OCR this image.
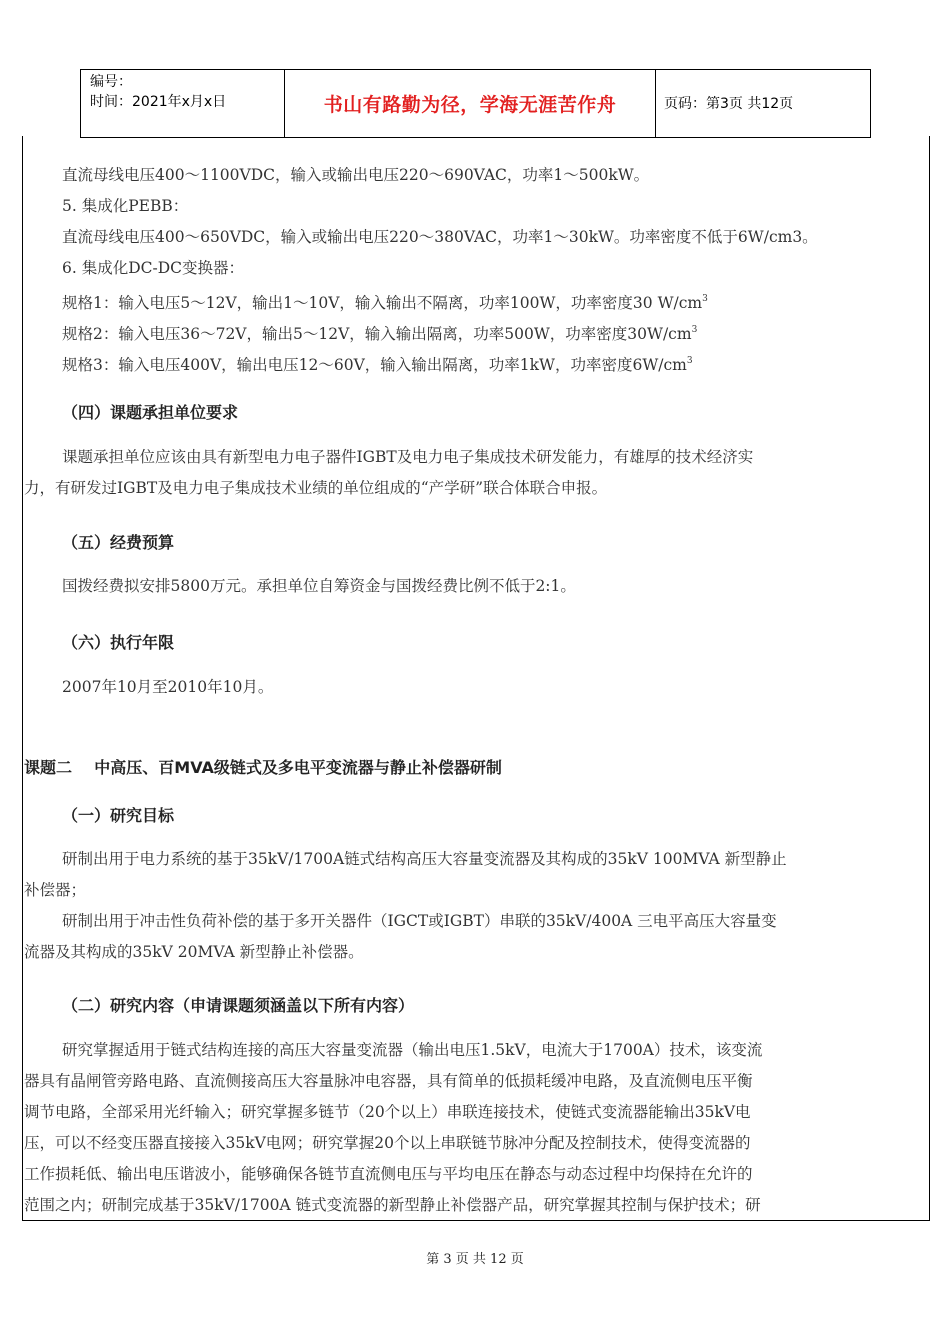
编号：
时间：2021年x月x日	书山有路勤为径，学海无涯苦作舟	页码：第3页 共12页
直流母线电压400～1100VDC，输入或输出电压220～690VAC，功率1～500kW。
5. 集成化PEBB：
直流母线电压400～650VDC，输入或输出电压220～380VAC，功率1～30kW。功率密度不低于6W/cm3。
6. 集成化DC-DC变换器：
规格1：输入电压5～12V，输出1～10V，输入输出不隔离，功率100W，功率密度30 $W/cm^3$
规格2：输入电压36～72V，输出5～12V，输入输出隔离，功率500W，功率密度$30W/cm^3$
规格3：输入电压400V，输出电压12～60V，输入输出隔离，功率1kW，功率密度$6W/cm^3$
（四）课题承担单位要求
课题承担单位应该由具有新型电力电子器件IGBT及电力电子集成技术研发能力，有雄厚的技术经济实
力，有研发过IGBT及电力电子集成技术业绩的单位组成的“产学研”联合体联合申报。
（五）经费预算
国拨经费拟安排5800万元。承担单位自筹资金与国拨经费比例不低于2:1。
（六）执行年限
2007年10月至2010年10月。
课题二    中高压、百MVA级链式及多电平变流器与静止补偿器研制
（一）研究目标
研制出用于电力系统的基于35kV/1700A链式结构高压大容量变流器及其构成的35kV 100MVA 新型静止
补偿器；
研制出用于冲击性负荷补偿的基于多开关器件（IGCT或IGBT）串联的35kV/400A 三电平高压大容量变
流器及其构成的35kV 20MVA 新型静止补偿器。
（二）研究内容（申请课题须涵盖以下所有内容）
研究掌握适用于链式结构连接的高压大容量变流器（输出电压1.5kV，电流大于1700A）技术，该变流
器具有晶闸管旁路电路、直流侧接高压大容量脉冲电容器，具有简单的低损耗缓冲电路，及直流侧电压平衡
调节电路，全部采用光纤输入；研究掌握多链节（20个以上）串联连接技术，使链式变流器能输出35kV电
压，可以不经变压器直接接入35kV电网；研究掌握20个以上串联链节脉冲分配及控制技术，使得变流器的
工作损耗低、输出电压谐波小，能够确保各链节直流侧电压与平均电压在静态与动态过程中均保持在允许的
范围之内；研制完成基于35kV/1700A 链式变流器的新型静止补偿器产品，研究掌握其控制与保护技术；研
第 3 页 共 12 页
